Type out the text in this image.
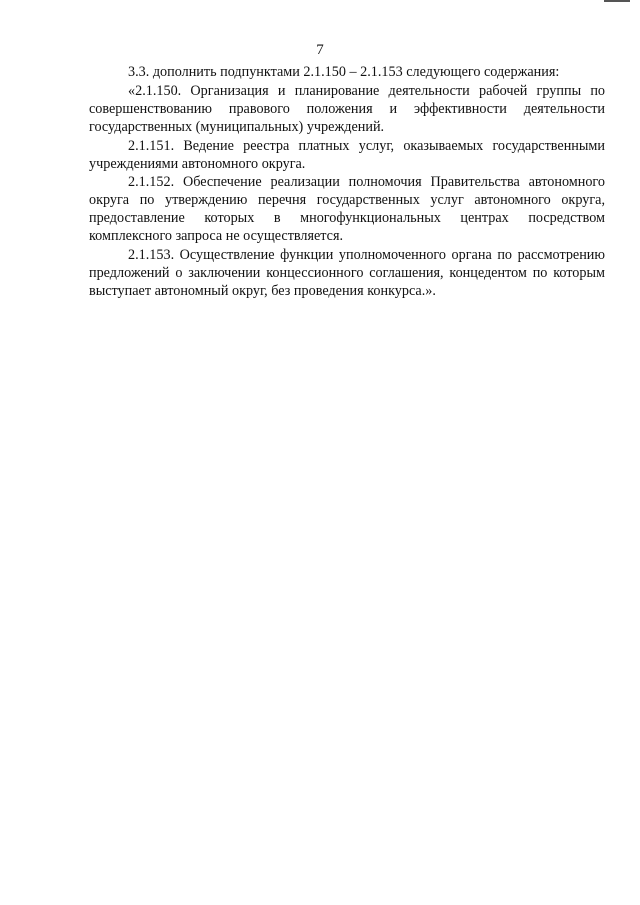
7

3.3. дополнить подпунктами 2.1.150 – 2.1.153 следующего содержания:

«2.1.150. Организация и планирование деятельности рабочей группы по совершенствованию правового положения и эффективности деятельности государственных (муниципальных) учреждений.

2.1.151. Ведение реестра платных услуг, оказываемых государственными учреждениями автономного округа.

2.1.152. Обеспечение реализации полномочия Правительства автономного округа по утверждению перечня государственных услуг автономного округа, предоставление которых в многофункциональных центрах посредством комплексного запроса не осуществляется.

2.1.153. Осуществление функции уполномоченного органа по рассмотрению предложений о заключении концессионного соглашения, концедентом по которым выступает автономный округ, без проведения конкурса.».
